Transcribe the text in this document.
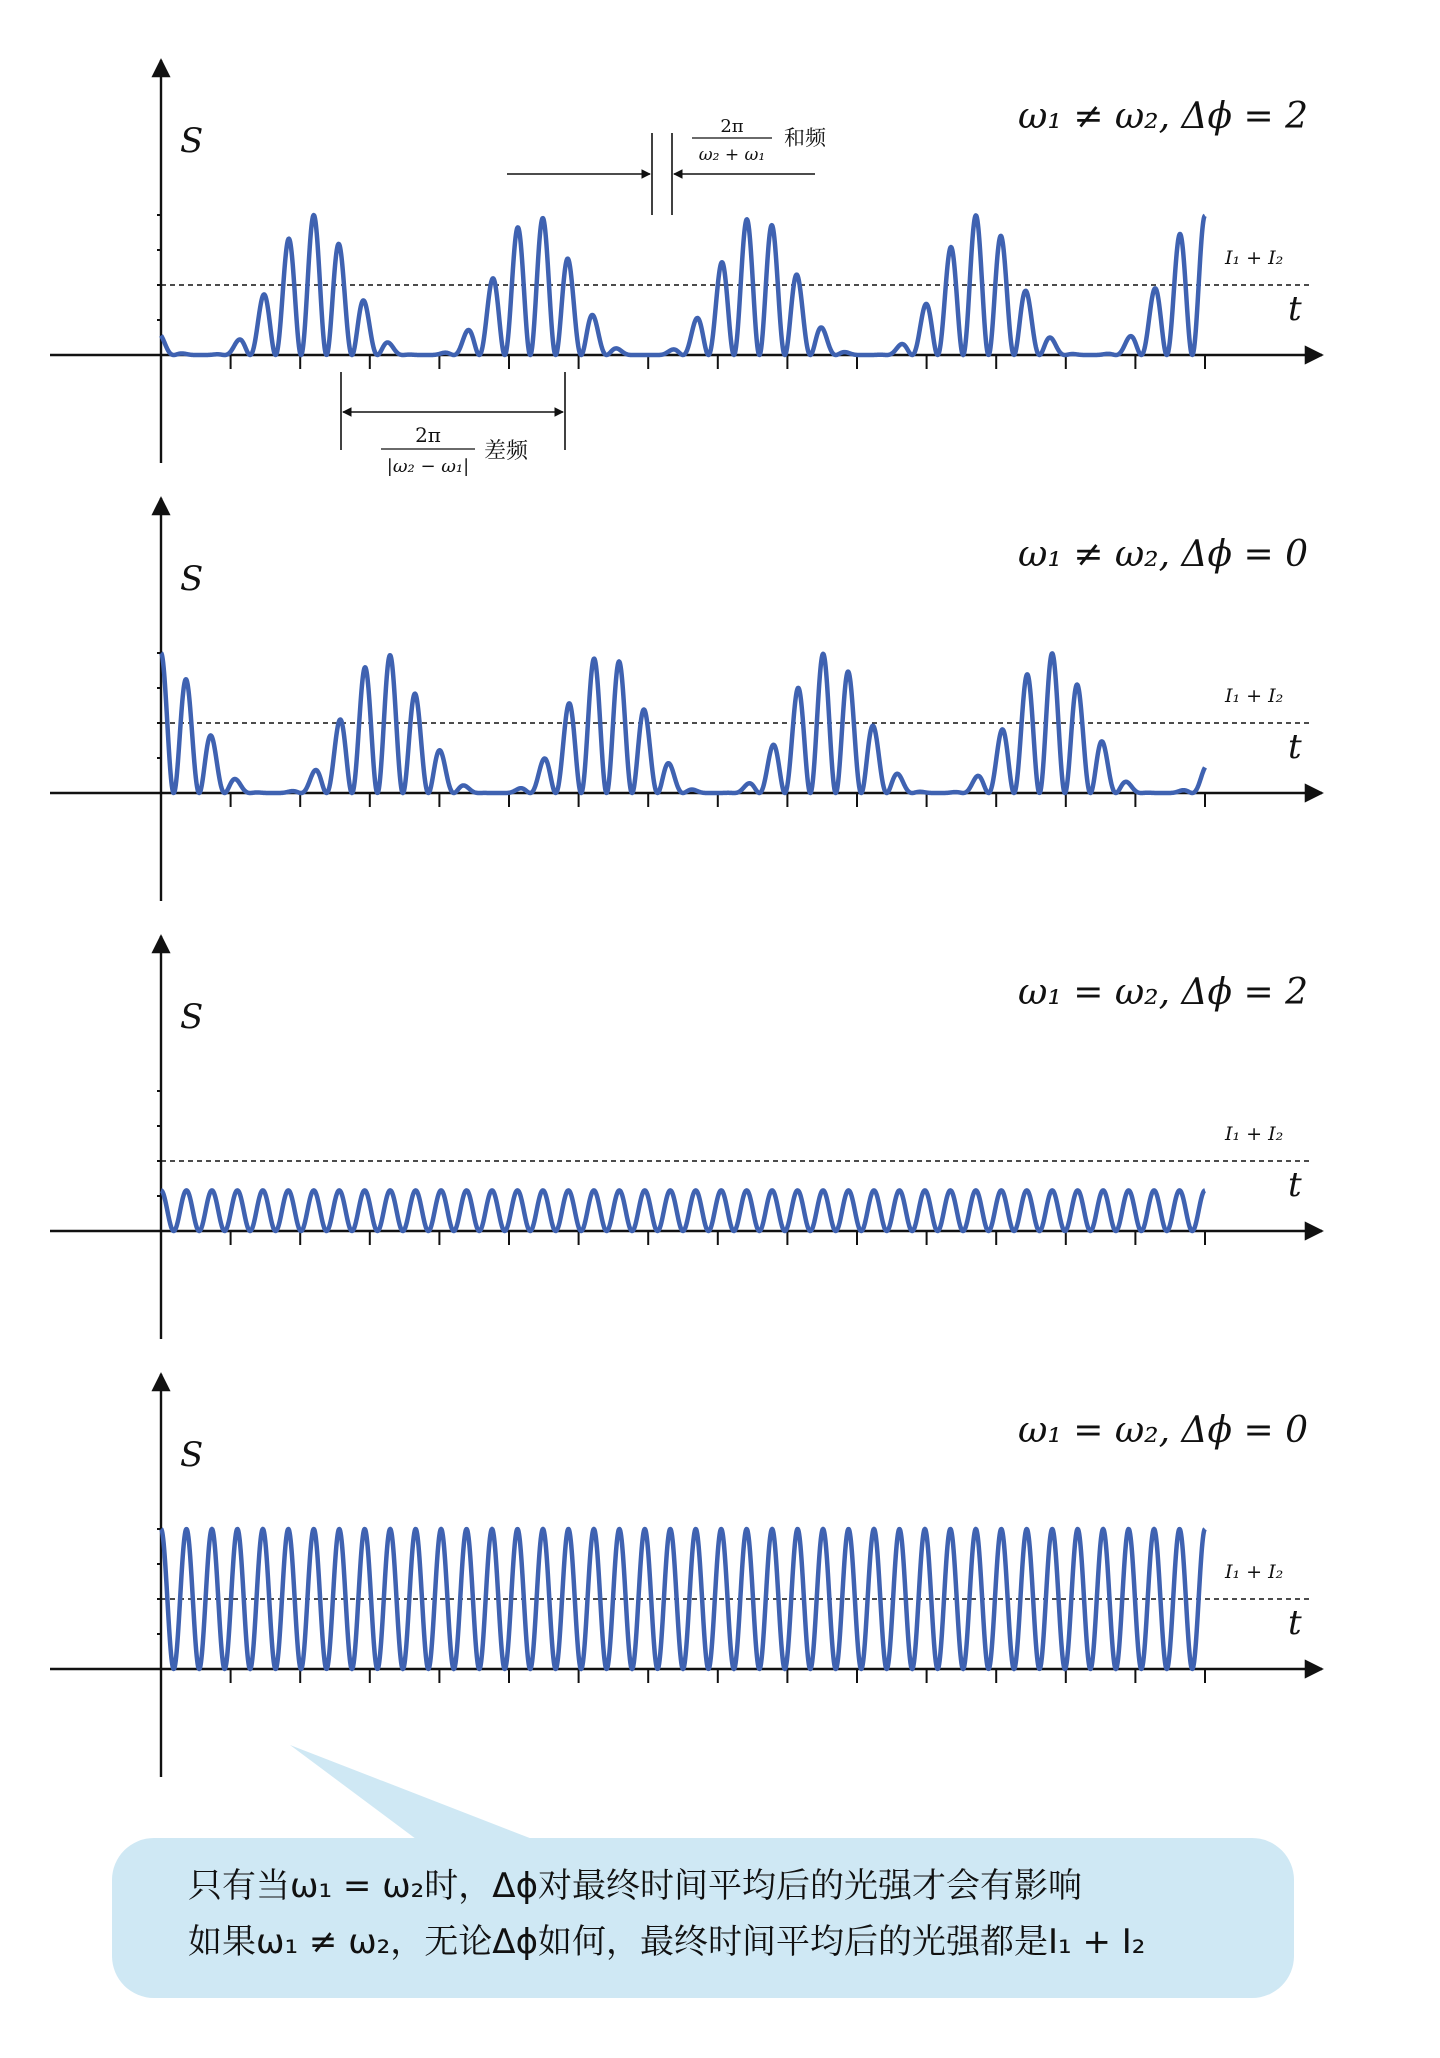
S
t
I₁ + I₂
ω₁ ≠ ω₂, Δϕ = 2
2π
ω₂ + ω₁
和频
2π
|ω₂ − ω₁|
差频
S
t
I₁ + I₂
ω₁ ≠ ω₂, Δϕ = 0
S
t
I₁ + I₂
ω₁ = ω₂, Δϕ = 2
S
t
I₁ + I₂
ω₁ = ω₂, Δϕ = 0
只有当ω₁ = ω₂时，Δϕ对最终时间平均后的光强才会有影响
如果ω₁ ≠ ω₂，无论Δϕ如何，最终时间平均后的光强都是I₁ + I₂
